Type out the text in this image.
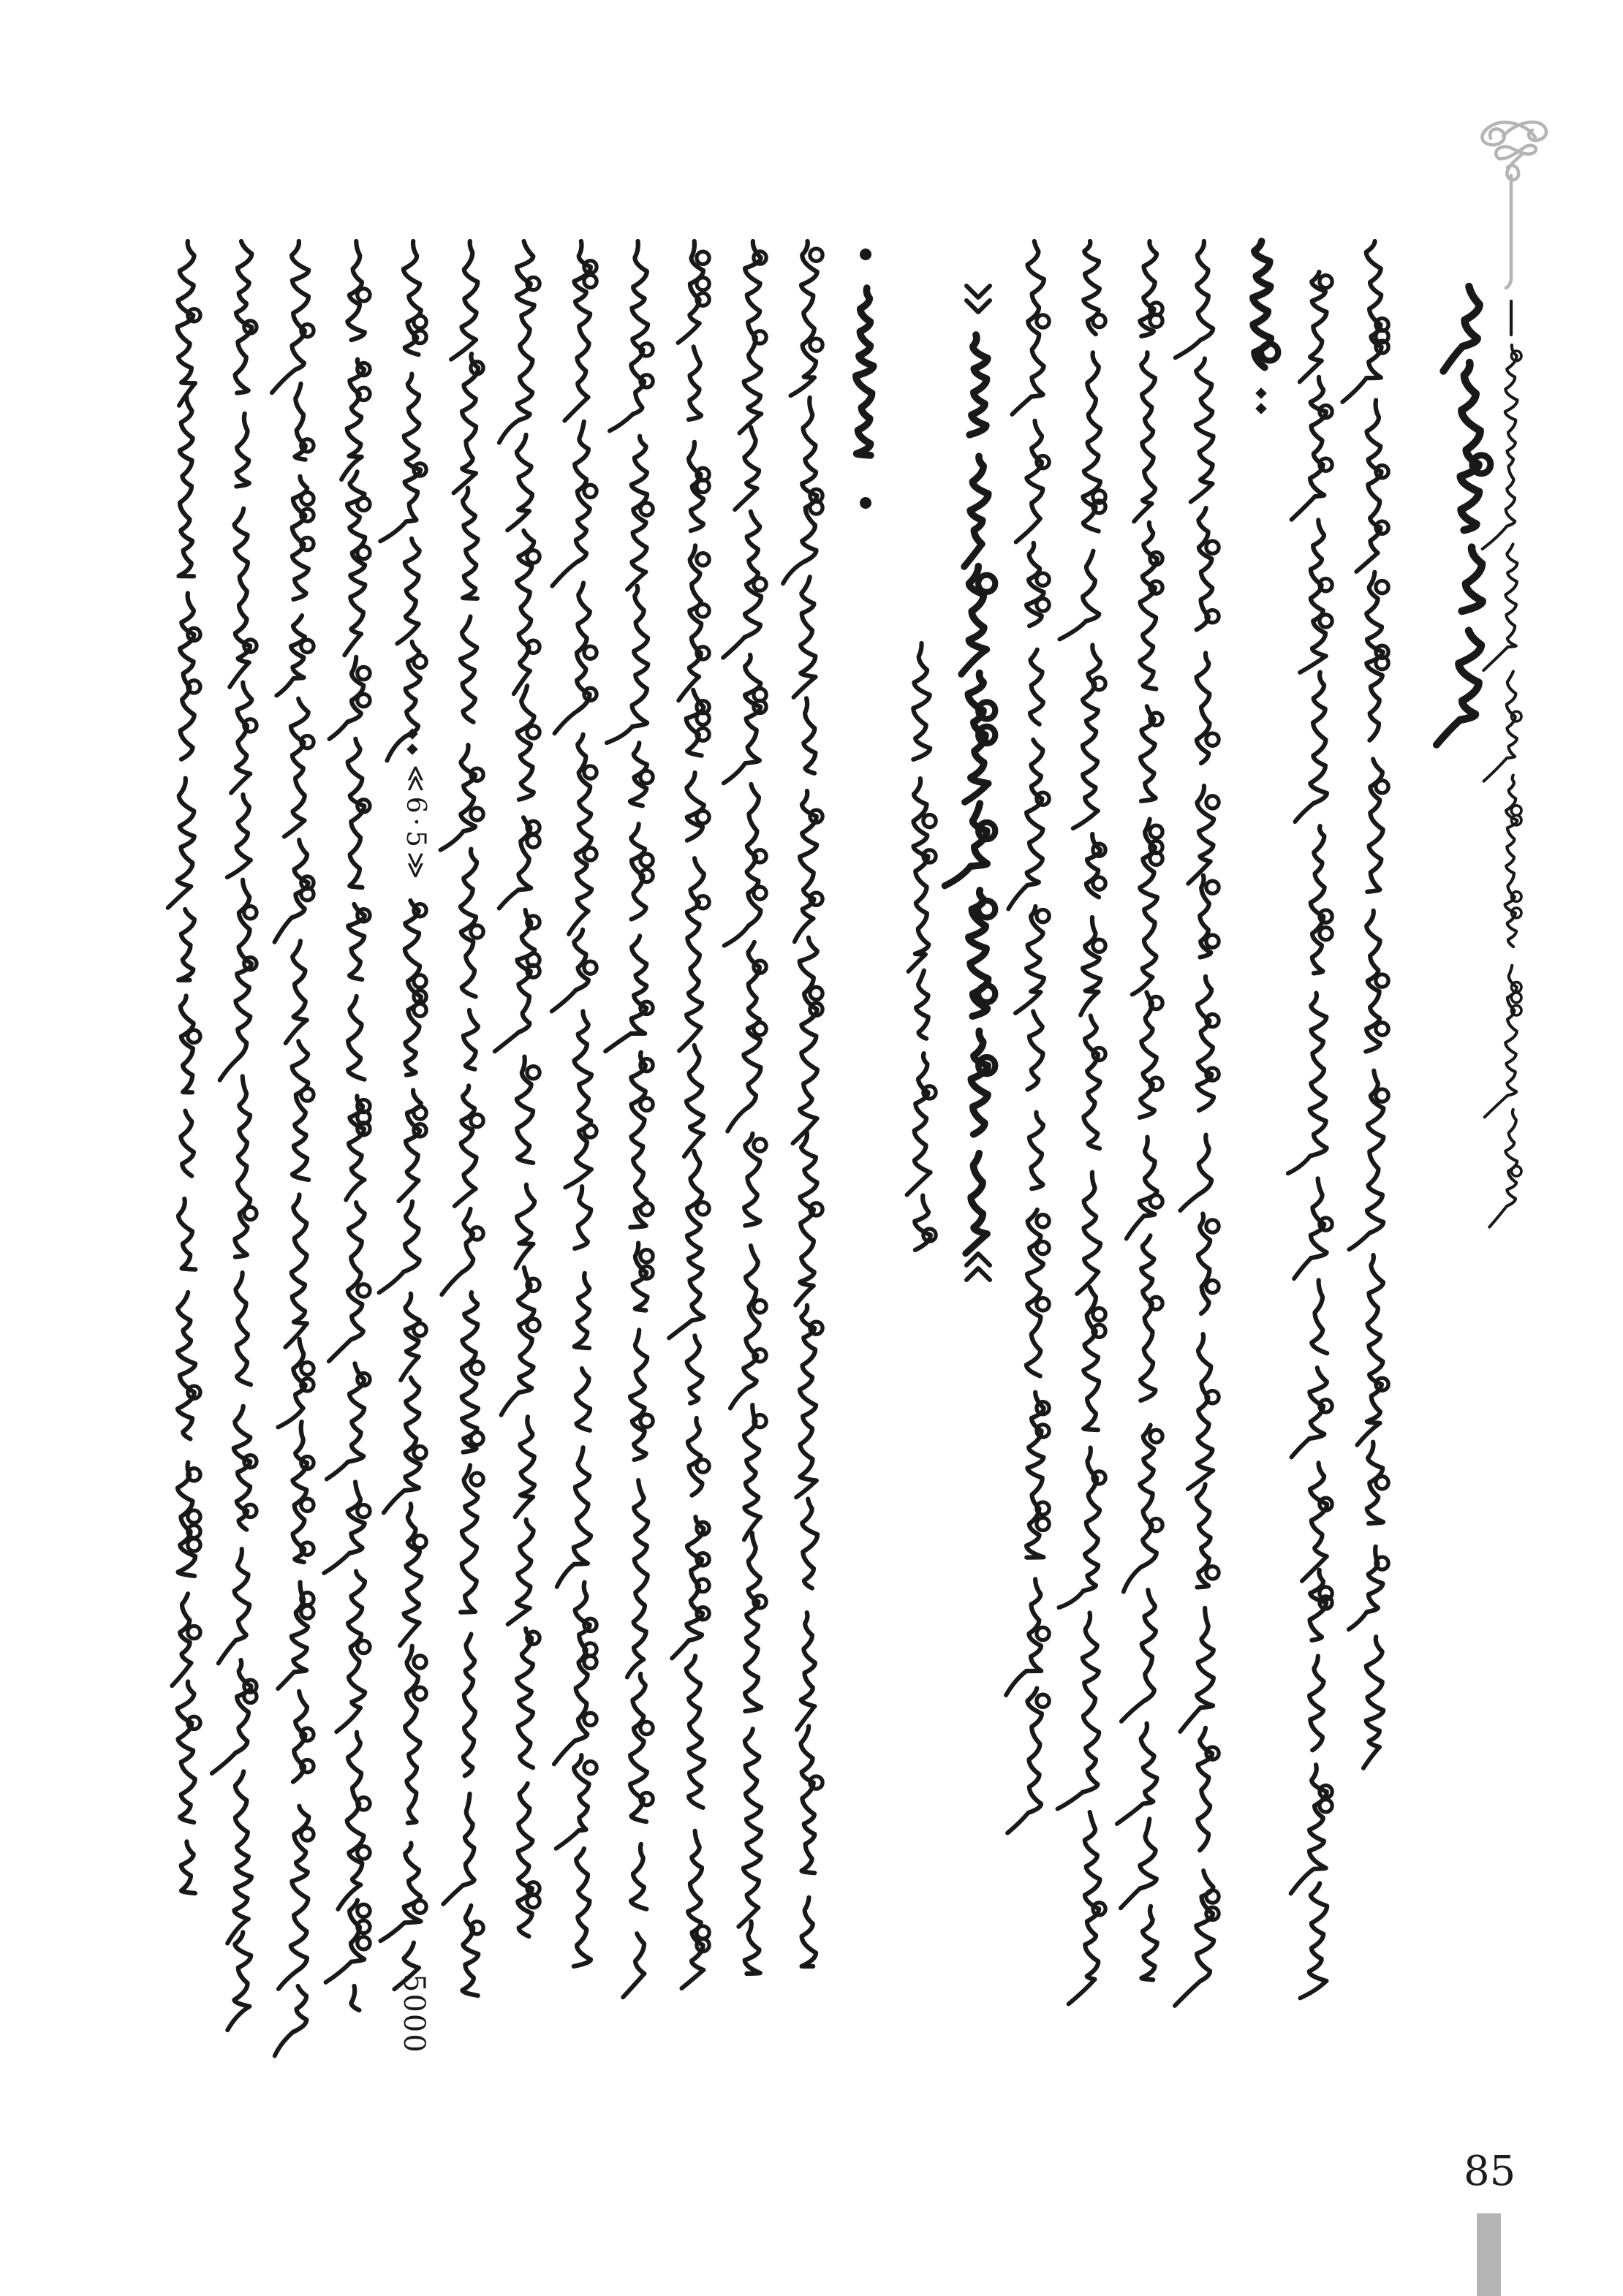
≪6·5≫
5000
85
